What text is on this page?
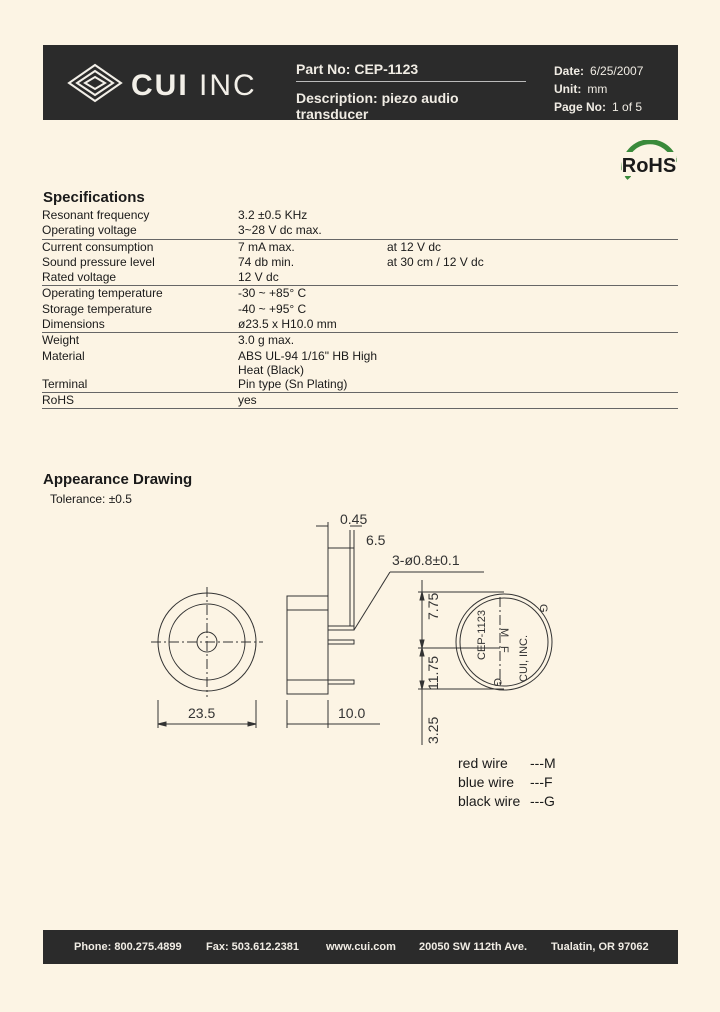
CUI INC	Part No: CEP-1123
Description: piezo audio transducer
Date: 6/25/2007
Unit: mm
Page No: 1 of 5
RoHS
Specifications
Resonant frequency	3.2 ±0.5 KHz	
Operating voltage	3~28 V dc max.	
Current consumption	7 mA max.	at 12 V dc
Sound pressure level	74 db min.	at 30 cm / 12 V dc
Rated voltage	12 V dc	
Operating temperature	-30 ~ +85° C	
Storage temperature	-40 ~ +95° C	
Dimensions	ø23.5 x H10.0 mm	
Weight	3.0 g max.	
Material	ABS UL-94 1/16" HB High Heat (Black)	
Terminal	Pin type (Sn Plating)	
RoHS	yes	
Appearance Drawing
Tolerance: ±0.5
0.45
6.5
3-ø0.8±0.1
23.5	10.0
7.75
11.75
3.25
CEP-1123	CUI, INC.
M
F
G
G
red wire ---M
blue wire ---F
black wire ---G
Phone: 800.275.4899 Fax: 503.612.2381 www.cui.com 20050 SW 112th Ave. Tualatin, OR 97062
